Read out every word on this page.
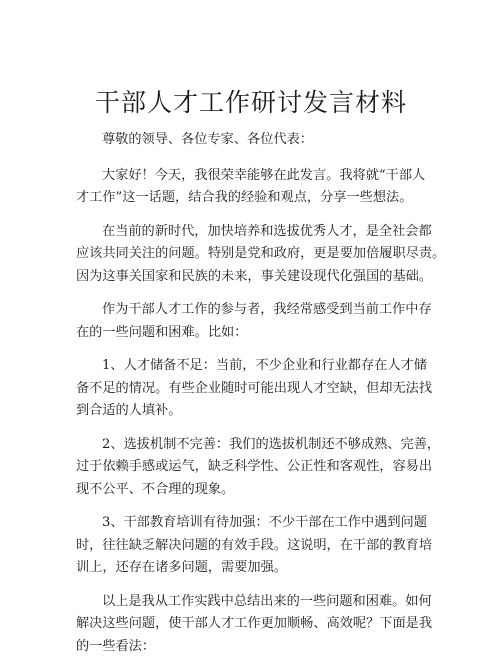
干部人才工作研讨发言材料

尊敬的领导、各位专家、各位代表：

大家好！今天，我很荣幸能够在此发言。我将就“干部人
才工作”这一话题，结合我的经验和观点，分享一些想法。
在当前的新时代，加快培养和选拔优秀人才，是全社会都
应该共同关注的问题。特别是党和政府，更是要加倍履职尽责。
因为这事关国家和民族的未来，事关建设现代化强国的基础。
作为干部人才工作的参与者，我经常感受到当前工作中存
在的一些问题和困难。比如：
1、人才储备不足：当前，不少企业和行业都存在人才储
备不足的情况。有些企业随时可能出现人才空缺，但却无法找
到合适的人填补。
2、选拔机制不完善：我们的选拔机制还不够成熟、完善，
过于依赖手感或运气，缺乏科学性、公正性和客观性，容易出
现不公平、不合理的现象。
3、干部教育培训有待加强：不少干部在工作中遇到问题
时，往往缺乏解决问题的有效手段。这说明，在干部的教育培
训上，还存在诸多问题，需要加强。
以上是我从工作实践中总结出来的一些问题和困难。如何
解决这些问题，使干部人才工作更加顺畅、高效呢？下面是我
的一些看法：
